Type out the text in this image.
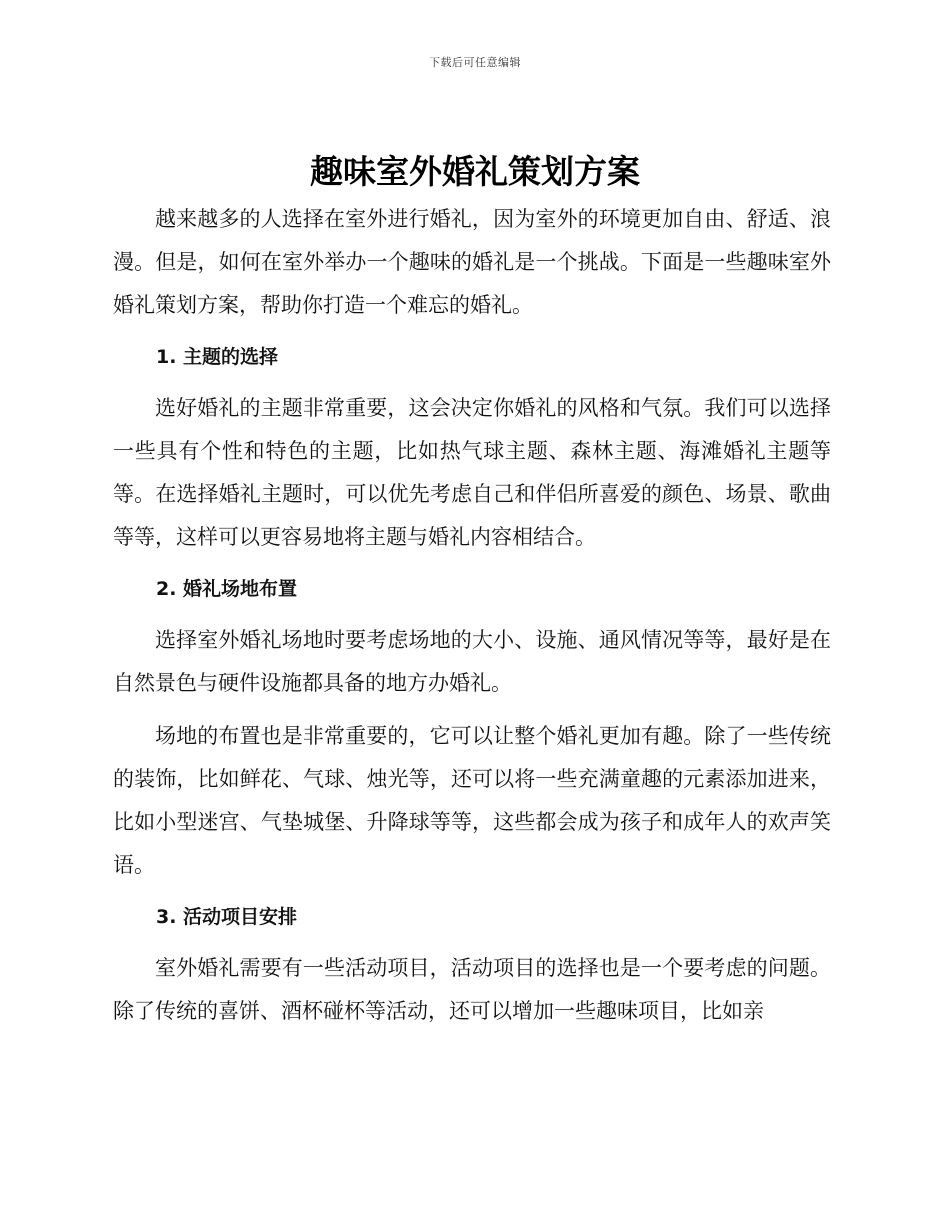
下载后可任意编辑
趣味室外婚礼策划方案

越来越多的人选择在室外进行婚礼，因为室外的环境更加自由、舒适、浪漫。但是，如何在室外举办一个趣味的婚礼是一个挑战。下面是一些趣味室外婚礼策划方案，帮助你打造一个难忘的婚礼。

1. 主题的选择

选好婚礼的主题非常重要，这会决定你婚礼的风格和气氛。我们可以选择一些具有个性和特色的主题，比如热气球主题、森林主题、海滩婚礼主题等等。在选择婚礼主题时，可以优先考虑自己和伴侣所喜爱的颜色、场景、歌曲等等，这样可以更容易地将主题与婚礼内容相结合。

2. 婚礼场地布置

选择室外婚礼场地时要考虑场地的大小、设施、通风情况等等，最好是在自然景色与硬件设施都具备的地方办婚礼。

场地的布置也是非常重要的，它可以让整个婚礼更加有趣。除了一些传统的装饰，比如鲜花、气球、烛光等，还可以将一些充满童趣的元素添加进来，比如小型迷宫、气垫城堡、升降球等等，这些都会成为孩子和成年人的欢声笑语。

3. 活动项目安排

室外婚礼需要有一些活动项目，活动项目的选择也是一个要考虑的问题。除了传统的喜饼、酒杯碰杯等活动，还可以增加一些趣味项目，比如亲
